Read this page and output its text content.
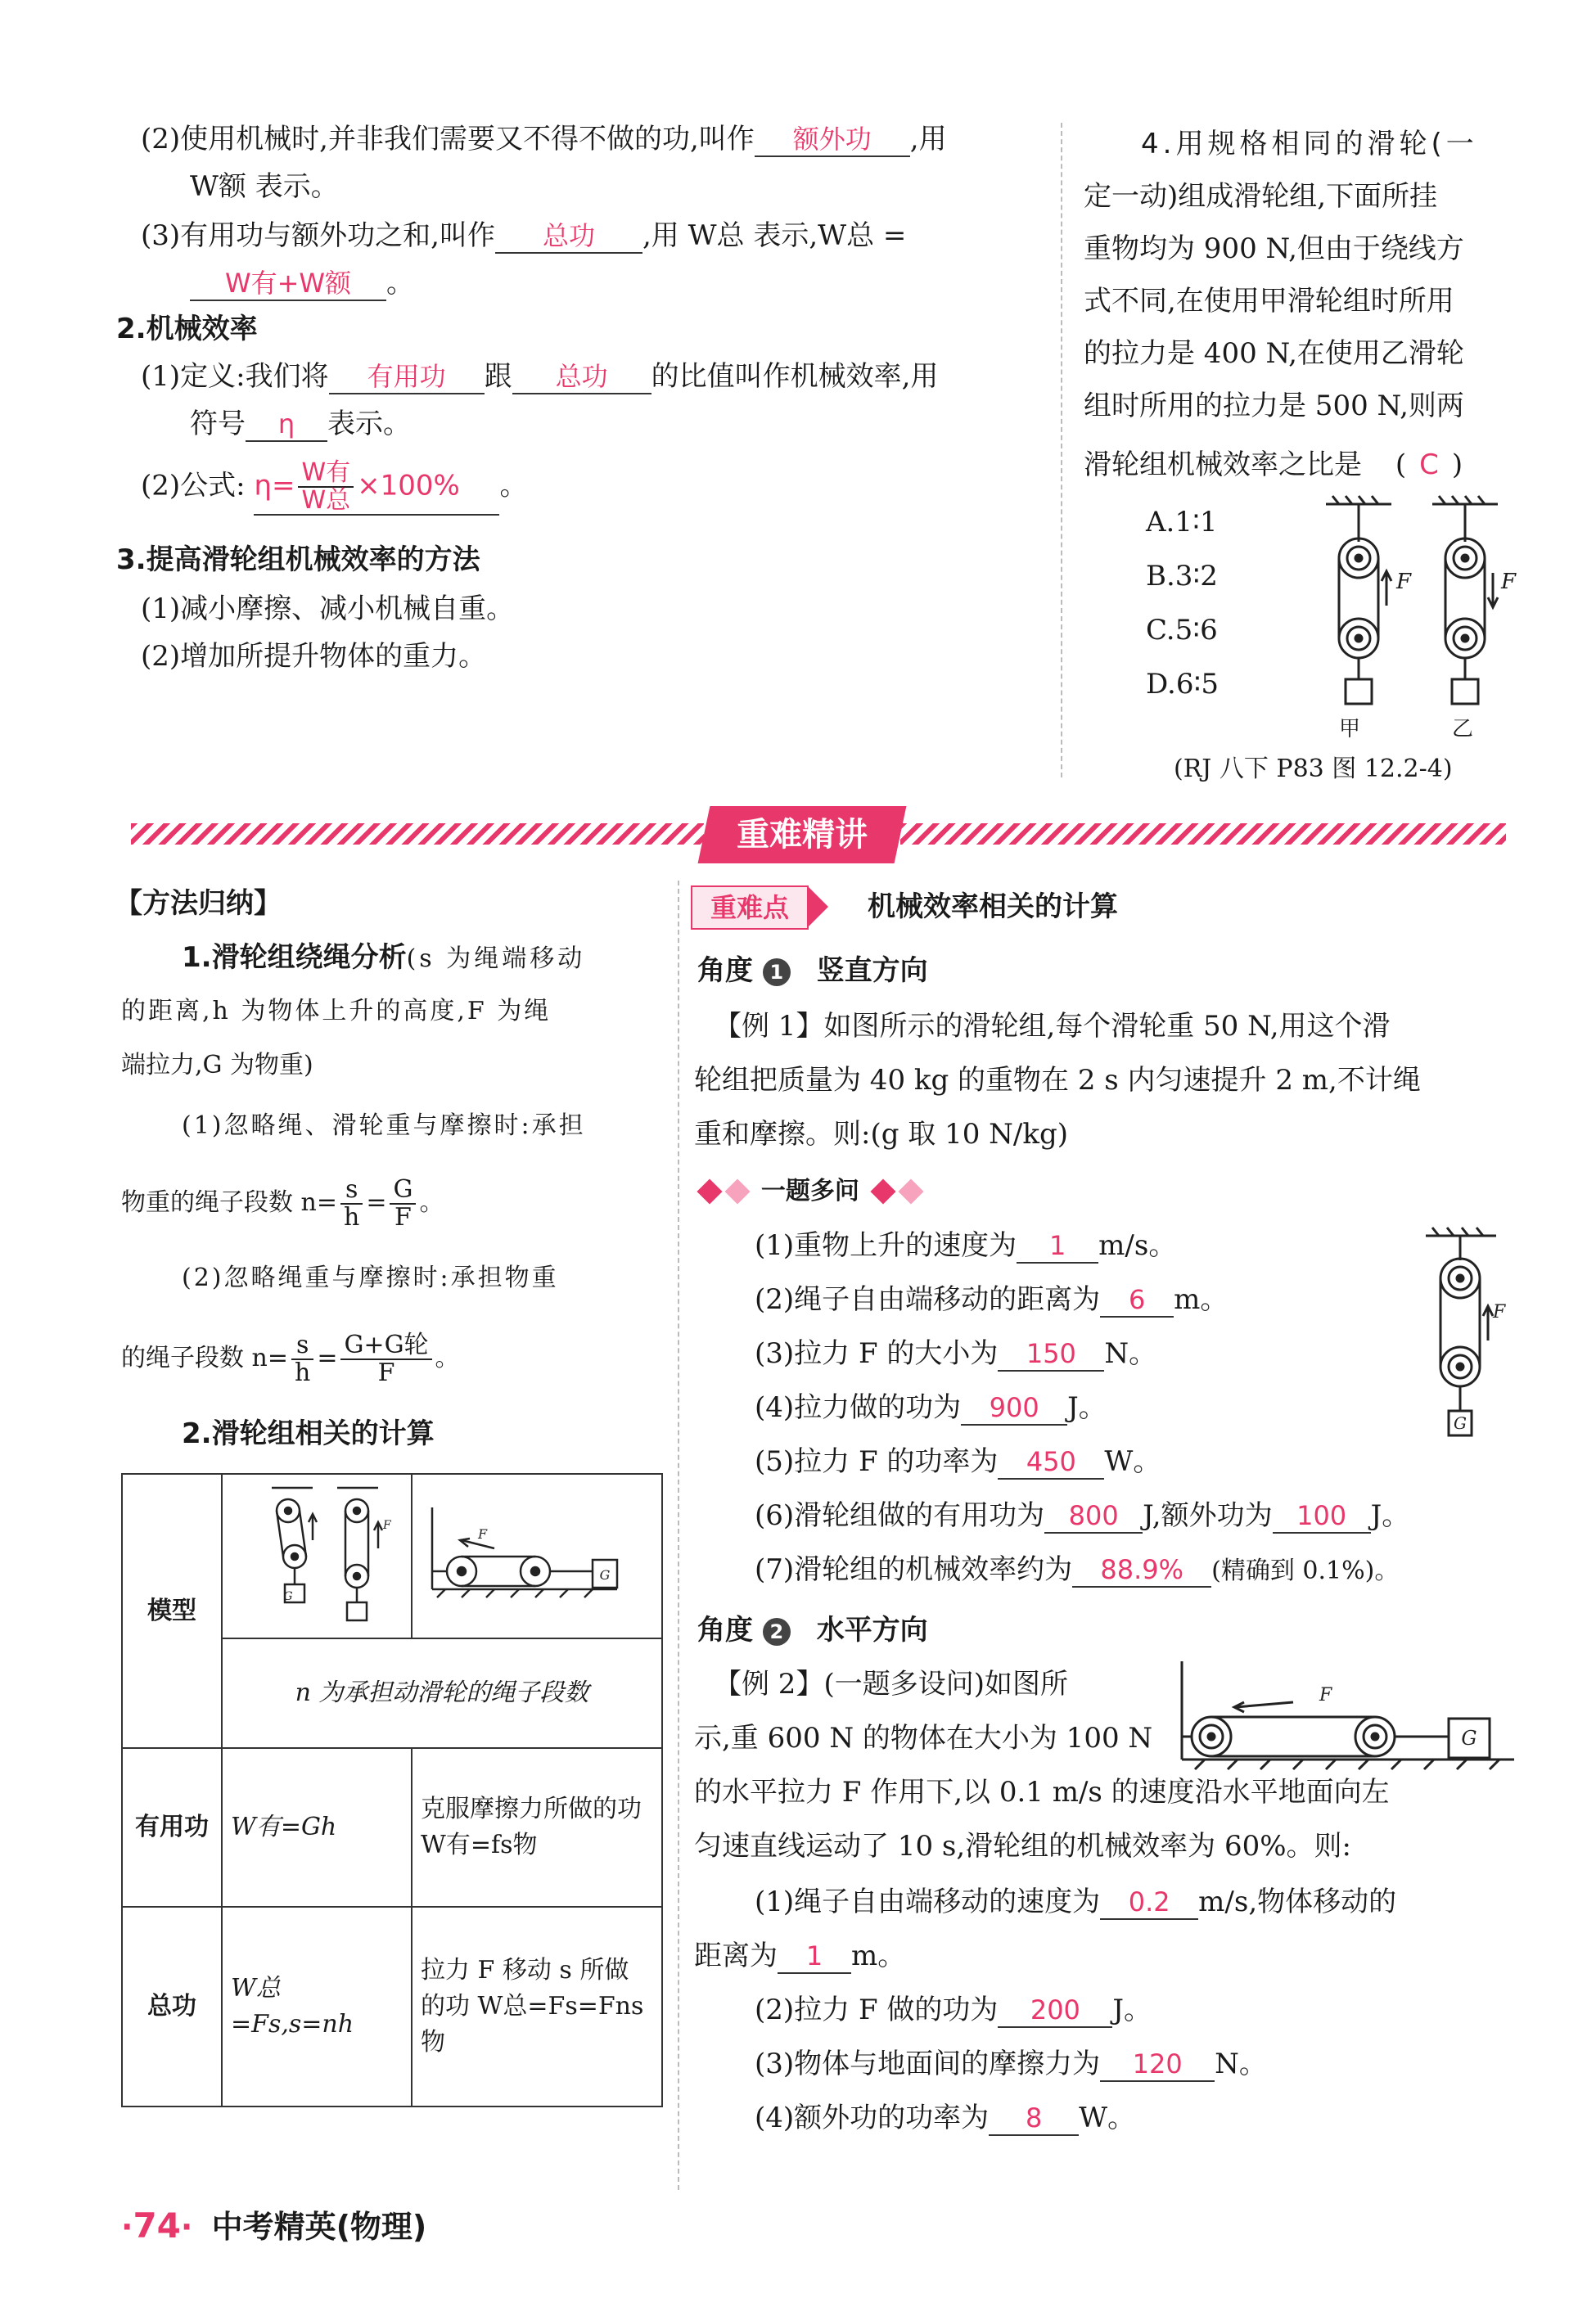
(2)使用机械时,并非我们需要又不得不做的功,叫作 额外功 ,用
W额 表示。
(3)有用功与额外功之和,叫作 总功 ,用 W总 表示,W总 =
W有+W额 。
2.机械效率
(1)定义:我们将 有用功 跟 总功 的比值叫作机械效率,用
符号 η 表示。
(2)公式: $\eta= \frac{\text{W有}}{\text{W总}} \times 100\%$ 。
3.提高滑轮组机械效率的方法
(1)减小摩擦、减小机械自重。
(2)增加所提升物体的重力。
4.用规格相同的滑轮(一
定一动)组成滑轮组,下面所挂
重物均为 900 N,但由于绕线方
式不同,在使用甲滑轮组时所用
的拉力是 400 N,在使用乙滑轮
组时所用的拉力是 500 N,则两
滑轮组机械效率之比是 ( C )
A.1∶1
B.3∶2
C.5∶6
D.6∶5
F	F
甲	乙
(RJ 八下 P83 图 12.2-4)
重难精讲
【方法归纳】
1.滑轮组绕绳分析(s 为绳端移动
的距离,h 为物体上升的高度,F 为绳
端拉力,G 为物重)
(1)忽略绳、滑轮重与摩擦时:承担
物重的绳子段数 $n= \frac{s}{h} = \frac{G}{F}$ 。
(2)忽略绳重与摩擦时:承担物重
的绳子段数 $n= \frac{s}{h} = \frac{\text{G+G轮}}{F}$ 。
2.滑轮组相关的计算
模型	G
F	G
F

	n 为承担动滑轮的绳子段数	
有用功	W有=Gh	克服摩擦力所做的功 W有=fs物
总功	W总=Fs,s=nh	拉力 F 移动 s 所做的功 W总=Fs=Fns物
重难点	机械效率相关的计算
角度 1 竖直方向
【例 1】如图所示的滑轮组,每个滑轮重 50 N,用这个滑
轮组把质量为 40 kg 的重物在 2 s 内匀速提升 2 m,不计绳
重和摩擦。则:(g 取 10 N/kg)
一题多问
(1)重物上升的速度为 1 m/s。
(2)绳子自由端移动的距离为 6 m。
(3)拉力 F 的大小为 150 N。
(4)拉力做的功为 900 J。
(5)拉力 F 的功率为 450 W。
(6)滑轮组做的有用功为 800 J,额外功为 100 J。
(7)滑轮组的机械效率约为 88.9% (精确到 0.1%)。
G
F
角度 2 水平方向
【例 2】(一题多设问)如图所
示,重 600 N 的物体在大小为 100 N
的水平拉力 F 作用下,以 0.1 m/s 的速度沿水平地面向左
匀速直线运动了 10 s,滑轮组的机械效率为 60%。则:
G
F
(1)绳子自由端移动的速度为 0.2 m/s,物体移动的
距离为 1 m。
(2)拉力 F 做的功为 200 J。
(3)物体与地面间的摩擦力为 120 N。
(4)额外功的功率为 8 W。
·74· 中考精英(物理)
